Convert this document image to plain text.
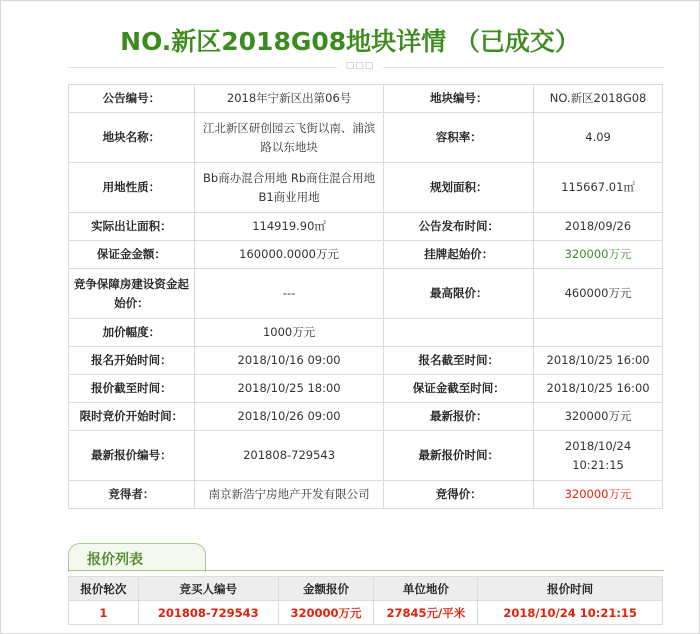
NO.新区2018G08地块详情 （已成交）
□□□
公告编号：	2018年宁新区出第06号	地块编号：	NO.新区2018G08
地块名称：	江北新区研创园云飞街以南、浦滨路以东地块	容积率：	4.09
用地性质：	Bb商办混合用地 Rb商住混合用地 B1商业用地	规划面积：	115667.01㎡
实际出让面积：	114919.90㎡	公告发布时间：	2018/09/26
保证金金额：	160000.0000万元	挂牌起始价：	320000万元
竞争保障房建设资金起始价：	---	最高限价：	460000万元
加价幅度：	1000万元		
报名开始时间：	2018/10/16 09:00	报名截至时间：	2018/10/25 16:00
报价截至时间：	2018/10/25 18:00	保证金截至时间：	2018/10/25 16:00
限时竞价开始时间：	2018/10/26 09:00	最新报价：	320000万元
最新报价编号：	201808-729543	最新报价时间：	2018/10/24 10:21:15
竞得者：	南京新浩宁房地产开发有限公司	竞得价：	320000万元
报价列表
报价轮次	竞买人编号	金额报价	单位地价	报价时间
1	201808-729543	320000万元	27845元/平米	2018/10/24 10:21:15
